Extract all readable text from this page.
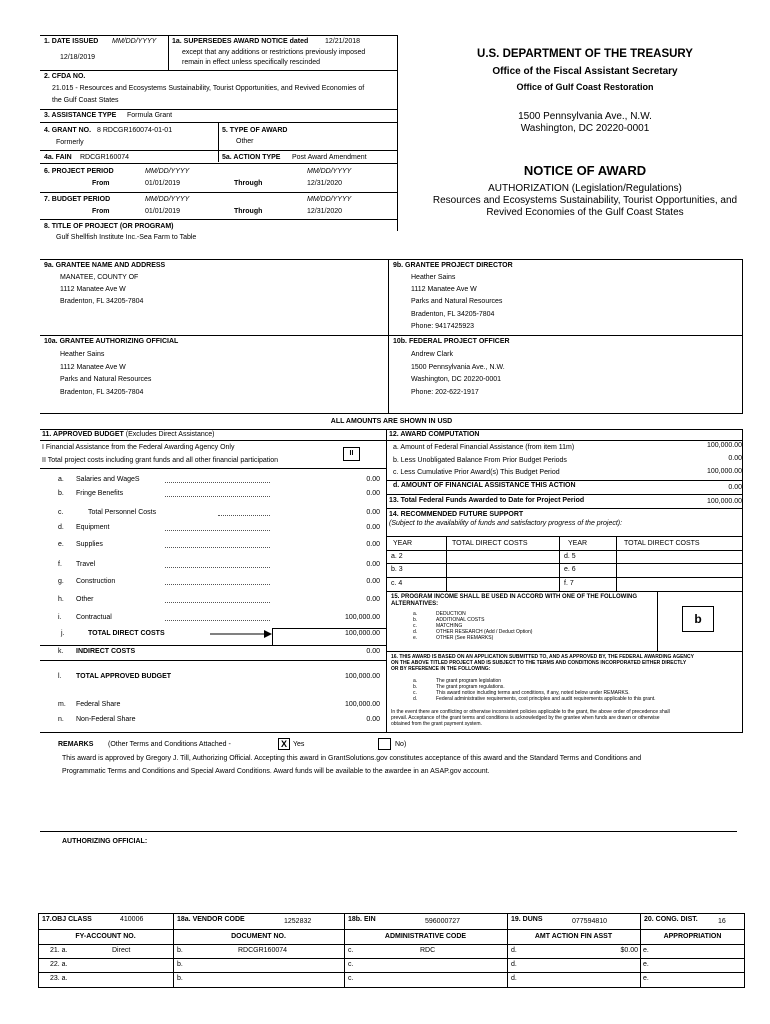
1. DATE ISSUED MM/DD/YYYY
12/18/2019
1a. SUPERSEDES AWARD NOTICE dated 12/21/2018
except that any additions or restrictions previously imposed
remain in effect unless specifically rescinded
2. CFDA NO.
21.015 - Resources and Ecosystems Sustainability, Tourist Opportunities, and Revived Economies of
the Gulf Coast States
3. ASSISTANCE TYPE Formula Grant
4. GRANT NO. 8 RDCGR160074-01-01
Formerly
5. TYPE OF AWARD
Other
4a. FAIN RDCGR160074	5a. ACTION TYPE Post Award Amendment
6. PROJECT PERIOD	MM/DD/YYYY	MM/DD/YYYY
From	01/01/2019	Through	12/31/2020
7. BUDGET PERIOD	MM/DD/YYYY	MM/DD/YYYY
From	01/01/2019	Through	12/31/2020
8. TITLE OF PROJECT (OR PROGRAM)
Gulf Shellfish Institute Inc.-Sea Farm to Table
U.S. DEPARTMENT OF THE TREASURY
Office of the Fiscal Assistant Secretary
Office of Gulf Coast Restoration
1500 Pennsylvania Ave., N.W.
Washington, DC 20220-0001
NOTICE OF AWARD
AUTHORIZATION (Legislation/Regulations)
Resources and Ecosystems Sustainability, Tourist Opportunities, and
Revived Economies of the Gulf Coast States
9a. GRANTEE NAME AND ADDRESS
MANATEE, COUNTY OF
1112 Manatee Ave W
Bradenton, FL 34205-7804
9b. GRANTEE PROJECT DIRECTOR
Heather Sains
1112 Manatee Ave W
Parks and Natural Resources
Bradenton, FL 34205-7804
Phone: 9417425923
10a. GRANTEE AUTHORIZING OFFICIAL
Heather Sains
1112 Manatee Ave W
Parks and Natural Resources
Bradenton, FL 34205-7804
10b. FEDERAL PROJECT OFFICER
Andrew Clark
1500 Pennsylvania Ave., N.W.
Washington, DC 20220-0001
Phone: 202-622-1917
ALL AMOUNTS ARE SHOWN IN USD
11. APPROVED BUDGET (Excludes Direct Assistance)
I Financial Assistance from the Federal Awarding Agency Only
II Total project costs including grant funds and all other financial participation
II
a. Salaries and WageS	0.00
b. Fringe Benefits	0.00
c.	Total Personnel Costs	0.00
d. Equipment	0.00
e. Supplies	0.00
f. Travel	0.00
g. Construction	0.00
h. Other	0.00
i. Contractual	100,000.00
j.	TOTAL DIRECT COSTS	100,000.00
k. INDIRECT COSTS	0.00
l. TOTAL APPROVED BUDGET	100,000.00
m. Federal Share	100,000.00
n. Non-Federal Share	0.00
12. AWARD COMPUTATION
a. Amount of Federal Financial Assistance (from item 11m)	100,000.00
b. Less Unobligated Balance From Prior Budget Periods	0.00
c. Less Cumulative Prior Award(s) This Budget Period	100,000.00
d. AMOUNT OF FINANCIAL ASSISTANCE THIS ACTION	0.00
13. Total Federal Funds Awarded to Date for Project Period	100,000.00
14. RECOMMENDED FUTURE SUPPORT
(Subject to the availability of funds and satisfactory progress of the project):
YEAR	TOTAL DIRECT COSTS	YEAR	TOTAL DIRECT COSTS
a. 2	d. 5
b. 3	e. 6
c. 4	f. 7
15. PROGRAM INCOME SHALL BE USED IN ACCORD WITH ONE OF THE FOLLOWING
ALTERNATIVES:
a.	DEDUCTION
b.	ADDITIONAL COSTS
c.	MATCHING
d.	OTHER RESEARCH (Add / Deduct Option)
e.	OTHER (See REMARKS)
b
16. THIS AWARD IS BASED ON AN APPLICATION SUBMITTED TO, AND AS APPROVED BY, THE FEDERAL AWARDING AGENCY
ON THE ABOVE TITLED PROJECT AND IS SUBJECT TO THE TERMS AND CONDITIONS INCORPORATED EITHER DIRECTLY
OR BY REFERENCE IN THE FOLLOWING:
a.	The grant program legislation
b.	The grant program regulations.
c.	This award notice including terms and conditions, if any, noted below under REMARKS.
d.	Federal administrative requirements, cost principles and audit requirements applicable to this grant.
In the event there are conflicting or otherwise inconsistent policies applicable to the grant, the above order of precedence shall
prevail. Acceptance of the grant terms and conditions is acknowledged by the grantee when funds are drawn or otherwise
obtained from the grant payment system.
REMARKS (Other Terms and Conditions Attached -	X Yes	No)
This award is approved by Gregory J. Till, Authorizing Official. Accepting this award in GrantSolutions.gov constitutes acceptance of this award and the Standard Terms and Conditions and
Programmatic Terms and Conditions and Special Award Conditions. Award funds will be available to the awardee in an ASAP.gov account.
AUTHORIZING OFFICIAL:
17.OBJ CLASS	410006	18a. VENDOR CODE	1252832	18b. EIN	596000727	19. DUNS	077594810	20. CONG. DIST.	16
FY-ACCOUNT NO.	DOCUMENT NO.	ADMINISTRATIVE CODE	AMT ACTION FIN ASST	APPROPRIATION
21. a.	Direct	b.	RDCGR160074	c.	RDC	d.	$0.00 e.
22. a.	b.	c.	d.	e.
23. a.	b.	c.	d.	e.
